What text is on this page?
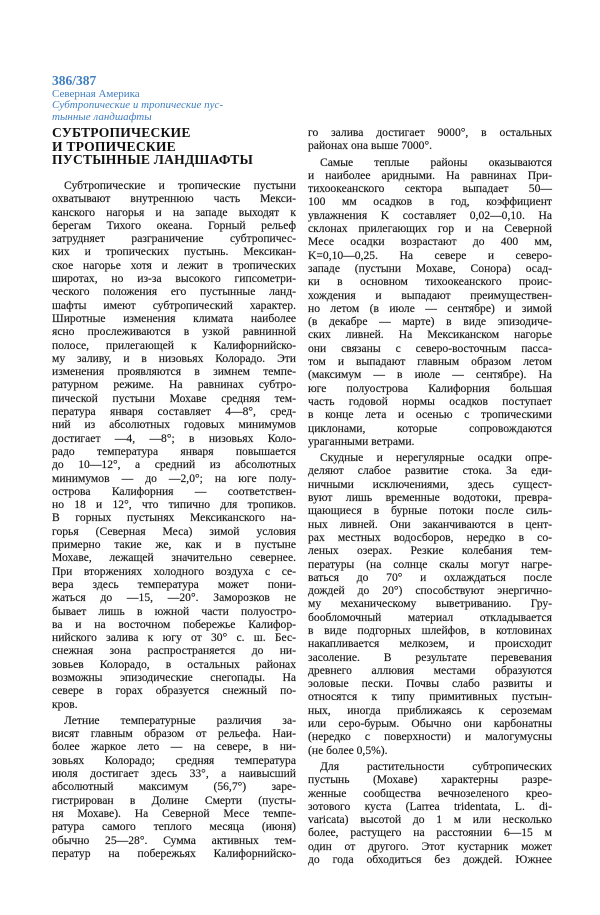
386/387
Северная Америка
Субтропические и тропические пус-
тынные ландшафты
СУБТРОПИЧЕСКИЕ
И ТРОПИЧЕСКИЕ
ПУСТЫННЫЕ ЛАНДШАФТЫ
Субтропические и тропические пустыни
охватывают внутреннюю часть Мекси-
канского нагорья и на западе выходят к
берегам Тихого океана. Горный рельеф
затрудняет разграничение субтропичес-
ких и тропических пустынь. Мексикан-
ское нагорье хотя и лежит в тропических
широтах, но из-за высокого гипсометри-
ческого положения его пустынные ланд-
шафты имеют субтропический характер.
Широтные изменения климата наиболее
ясно прослеживаются в узкой равнинной
полосе, прилегающей к Калифорнийско-
му заливу, и в низовьях Колорадо. Эти
изменения проявляются в зимнем темпе-
ратурном режиме. На равнинах субтро-
пической пустыни Мохаве средняя тем-
пература января составляет 4—8°, сред-
ний из абсолютных годовых минимумов
достигает —4, —8°; в низовьях Коло-
радо температура января повышается
до 10—12°, а средний из абсолютных
минимумов — до —2,0°; на юге полу-
острова Калифорния — соответствен-
но 18 и 12°, что типично для тропиков.
В горных пустынях Мексиканского на-
горья (Северная Меса) зимой условия
примерно такие же, как и в пустыне
Мохаве, лежащей значительно севернее.
При вторжениях холодного воздуха с се-
вера здесь температура может пони-
жаться до —15, —20°. Заморозков не
бывает лишь в южной части полуостро-
ва и на восточном побережье Калифор-
нийского залива к югу от 30° с. ш. Бес-
снежная зона распространяется до ни-
зовьев Колорадо, в остальных районах
возможны эпизодические снегопады. На
севере в горах образуется снежный по-
кров.
Летние температурные различия за-
висят главным образом от рельефа. Наи-
более жаркое лето — на севере, в ни-
зовьях Колорадо; средняя температура
июля достигает здесь 33°, а наивысший
абсолютный максимум (56,7°) заре-
гистрирован в Долине Смерти (пусты-
ня Мохаве). На Северной Месе темпе-
ратура самого теплого месяца (июня)
обычно 25—28°. Сумма активных тем-
ператур на побережьях Калифорнийско-
го залива достигает 9000°, в остальных
районах она выше 7000°.
Самые теплые районы оказываются
и наиболее аридными. На равнинах При-
тихоокеанского сектора выпадает 50—
100 мм осадков в год, коэффициент
увлажнения K составляет 0,02—0,10. На
склонах прилегающих гор и на Северной
Месе осадки возрастают до 400 мм,
K=0,10—0,25. На севере и северо-
западе (пустыни Мохаве, Сонора) осад-
ки в основном тихоокеанского проис-
хождения и выпадают преимуществен-
но летом (в июле — сентябре) и зимой
(в декабре — марте) в виде эпизодиче-
ских ливней. На Мексиканском нагорье
они связаны с северо-восточным пасса-
том и выпадают главным образом летом
(максимум — в июле — сентябре). На
юге полуострова Калифорния большая
часть годовой нормы осадков поступает
в конце лета и осенью с тропическими
циклонами, которые сопровождаются
ураганными ветрами.
Скудные и нерегулярные осадки опре-
деляют слабое развитие стока. За еди-
ничными исключениями, здесь сущест-
вуют лишь временные водотоки, превра-
щающиеся в бурные потоки после силь-
ных ливней. Они заканчиваются в цент-
рах местных водосборов, нередко в со-
леных озерах. Резкие колебания тем-
пературы (на солнце скалы могут нагре-
ваться до 70° и охлаждаться после
дождей до 20°) способствуют энергично-
му механическому выветриванию. Гру-
бообломочный материал откладывается
в виде подгорных шлейфов, в котловинах
накапливается мелкозем, и происходит
засоление. В результате перевевания
древнего аллювия местами образуются
эоловые пески. Почвы слабо развиты и
относятся к типу примитивных пустын-
ных, иногда приближаясь к сероземам
или серо-бурым. Обычно они карбонатны
(нередко с поверхности) и малогумусны
(не более 0,5%).
Для растительности субтропических
пустынь (Мохаве) характерны разре-
женные сообщества вечнозеленого крео-
зотового куста (Larrea tridentata, L. di-
varicata) высотой до 1 м или несколько
более, растущего на расстоянии 6—15 м
один от другого. Этот кустарник может
до года обходиться без дождей. Южнее
